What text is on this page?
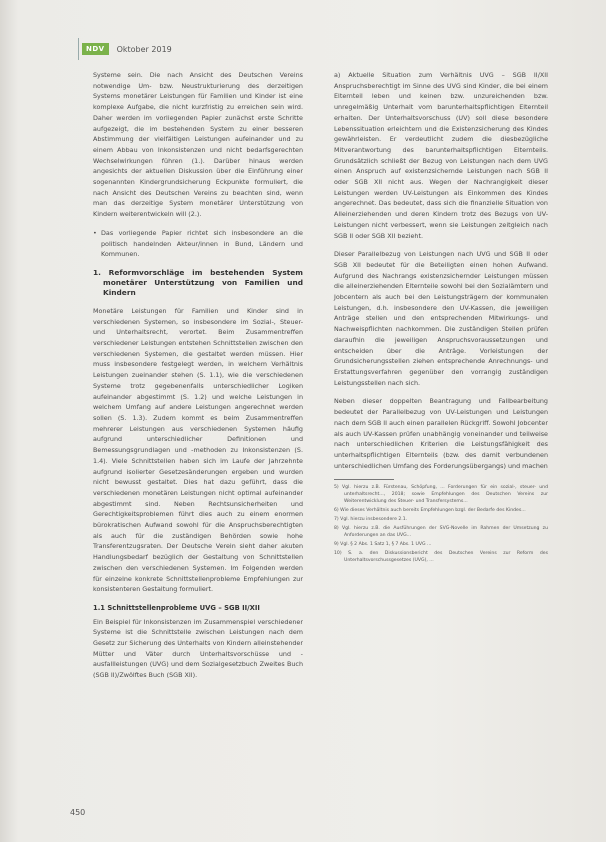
NDV	Oktober 2019

Systeme sein. Die nach Ansicht des Deutschen Vereins notwendige Um- bzw. Neustrukturierung des derzeitigen Systems monetärer Leistungen für Familien und Kinder ist eine komplexe Aufgabe, die nicht kurzfristig zu erreichen sein wird. Daher werden im vorliegenden Papier zunächst erste Schritte aufgezeigt, die im bestehenden System zu einer besseren Abstimmung der vielfältigen Leistungen aufeinander und zu einem Abbau von Inkonsistenzen und nicht bedarfsgerechten Wechselwirkungen führen (1.). Darüber hinaus werden angesichts der aktuellen Diskussion über die Einführung einer sogenannten Kindergrundsicherung Eckpunkte formuliert, die nach Ansicht des Deutschen Vereins zu beachten sind, wenn man das derzeitige System monetärer Unterstützung von Kindern weiterentwickeln will (2.).

• Das vorliegende Papier richtet sich insbesondere an die politisch handelnden Akteur/innen in Bund, Ländern und Kommunen.

1. Reformvorschläge im bestehenden System monetärer Unterstützung von Familien und Kindern

Monetäre Leistungen für Familien und Kinder sind in verschiedenen Systemen, so insbesondere im Sozial-, Steuer- und Unterhaltsrecht, verortet. Beim Zusammentreffen verschiedener Leistungen entstehen Schnittstellen zwischen den verschiedenen Systemen, die gestaltet werden müssen. Hier muss insbesondere festgelegt werden, in welchem Verhältnis Leistungen zueinander stehen (S. 1.1), wie die verschiedenen Systeme trotz gegebenenfalls unterschiedlicher Logiken aufeinander abgestimmt (S. 1.2) und welche Leistungen in welchem Umfang auf andere Leistungen angerechnet werden sollen (S. 1.3). Zudem kommt es beim Zusammentreffen mehrerer Leistungen aus verschiedenen Systemen häufig aufgrund unterschiedlicher Definitionen und Bemessungsgrundlagen und -methoden zu Inkonsistenzen (S. 1.4). Viele Schnittstellen haben sich im Laufe der Jahrzehnte aufgrund isolierter Gesetzesänderungen ergeben und wurden nicht bewusst gestaltet. Dies hat dazu geführt, dass die verschiedenen monetären Leistungen nicht optimal aufeinander abgestimmt sind. Neben Rechtsunsicherheiten und Gerechtigkeitsproblemen führt dies auch zu einem enormen bürokratischen Aufwand sowohl für die Anspruchsberechtigten als auch für die zuständigen Behörden sowie hohe Transferentzugsraten. Der Deutsche Verein sieht daher akuten Handlungsbedarf bezüglich der Gestaltung von Schnittstellen zwischen den verschiedenen Systemen. Im Folgenden werden für einzelne konkrete Schnittstellenprobleme Empfehlungen zur konsistenteren Gestaltung formuliert.

1.1 Schnittstellenprobleme UVG – SGB II/XII

Ein Beispiel für Inkonsistenzen im Zusammenspiel verschiedener Systeme ist die Schnittstelle zwischen Leistungen nach dem Gesetz zur Sicherung des Unterhalts von Kindern alleinstehender Mütter und Väter durch Unterhaltsvorschüsse und -ausfallleistungen (UVG) und dem Sozialgesetzbuch Zweites Buch (SGB II)/Zwölftes Buch (SGB XII).

a) Aktuelle Situation zum Verhältnis UVG – SGB II/XII Anspruchsberechtigt im Sinne des UVG sind Kinder, die bei einem Elternteil leben und keinen bzw. unzureichenden bzw. unregelmäßig Unterhalt vom barunterhaltspflichtigen Elternteil erhalten. Der Unterhaltsvorschuss (UV) soll diese besondere Lebenssituation erleichtern und die Existenzsicherung des Kindes gewährleisten. Er verdeutlicht zudem die diesbezügliche Mitverantwortung des barunterhaltspflichtigen Elternteils. Grundsätzlich schließt der Bezug von Leistungen nach dem UVG einen Anspruch auf existenzsichernde Leistungen nach SGB II oder SGB XII nicht aus. Wegen der Nachrangigkeit dieser Leistungen werden UV-Leistungen als Einkommen des Kindes angerechnet. Das bedeutet, dass sich die finanzielle Situation von Alleinerziehenden und deren Kindern trotz des Bezugs von UV-Leistungen nicht verbessert, wenn sie Leistungen zeitgleich nach SGB II oder SGB XII bezieht.

Dieser Parallelbezug von Leistungen nach UVG und SGB II oder SGB XII bedeutet für die Beteiligten einen hohen Aufwand. Aufgrund des Nachrangs existenzsichernder Leistungen müssen die alleinerziehenden Elternteile sowohl bei den Sozialämtern und Jobcentern als auch bei den Leistungsträgern der kommunalen Leistungen, d.h. insbesondere den UV-Kassen, die jeweiligen Anträge stellen und den entsprechenden Mitwirkungs- und Nachweispflichten nachkommen. Die zuständigen Stellen prüfen daraufhin die jeweiligen Anspruchsvoraussetzungen und entscheiden über die Anträge. Vorleistungen der Grundsicherungsstellen ziehen entsprechende Anrechnungs- und Erstattungsverfahren gegenüber den vorrangig zuständigen Leistungsstellen nach sich.

Neben dieser doppelten Beantragung und Fallbearbeitung bedeutet der Parallelbezug von UV-Leistungen und Leistungen nach dem SGB II auch einen parallelen Rückgriff. Sowohl Jobcenter als auch UV-Kassen prüfen unabhängig voneinander und teilweise nach unterschiedlichen Kriterien die Leistungsfähigkeit des unterhaltspflichtigen Elternteils (bzw. des damit verbundenen unterschiedlichen Umfang des Forderungsübergangs) und machen

5) Vgl. hierzu z.B. Fürstenau, Schöpfung, ... Forderungen für ein sozial-, steuer- und unterhaltsrecht..., 2018; sowie Empfehlungen des Deutschen Vereins zur Weiterentwicklung des Steuer- und Transfersystems...
6) Wie dieses Verhältnis auch bereits Empfehlungen bzgl. der Bedarfe des Kindes...
7) Vgl. hierzu insbesondere 2.1.
8) Vgl. hierzu z.B. die Ausführungen der SVG-Novelle im Rahmen der Umsetzung zu Anforderungen an das UVG...
9) Vgl. § 2 Abs. 1 Satz 1, § 7 Abs. 1 UVG ...
10) S. a. den Diskussionsbericht des Deutschen Vereins zur Reform des Unterhaltsvorschussgesetzes (UVG), ...
450
